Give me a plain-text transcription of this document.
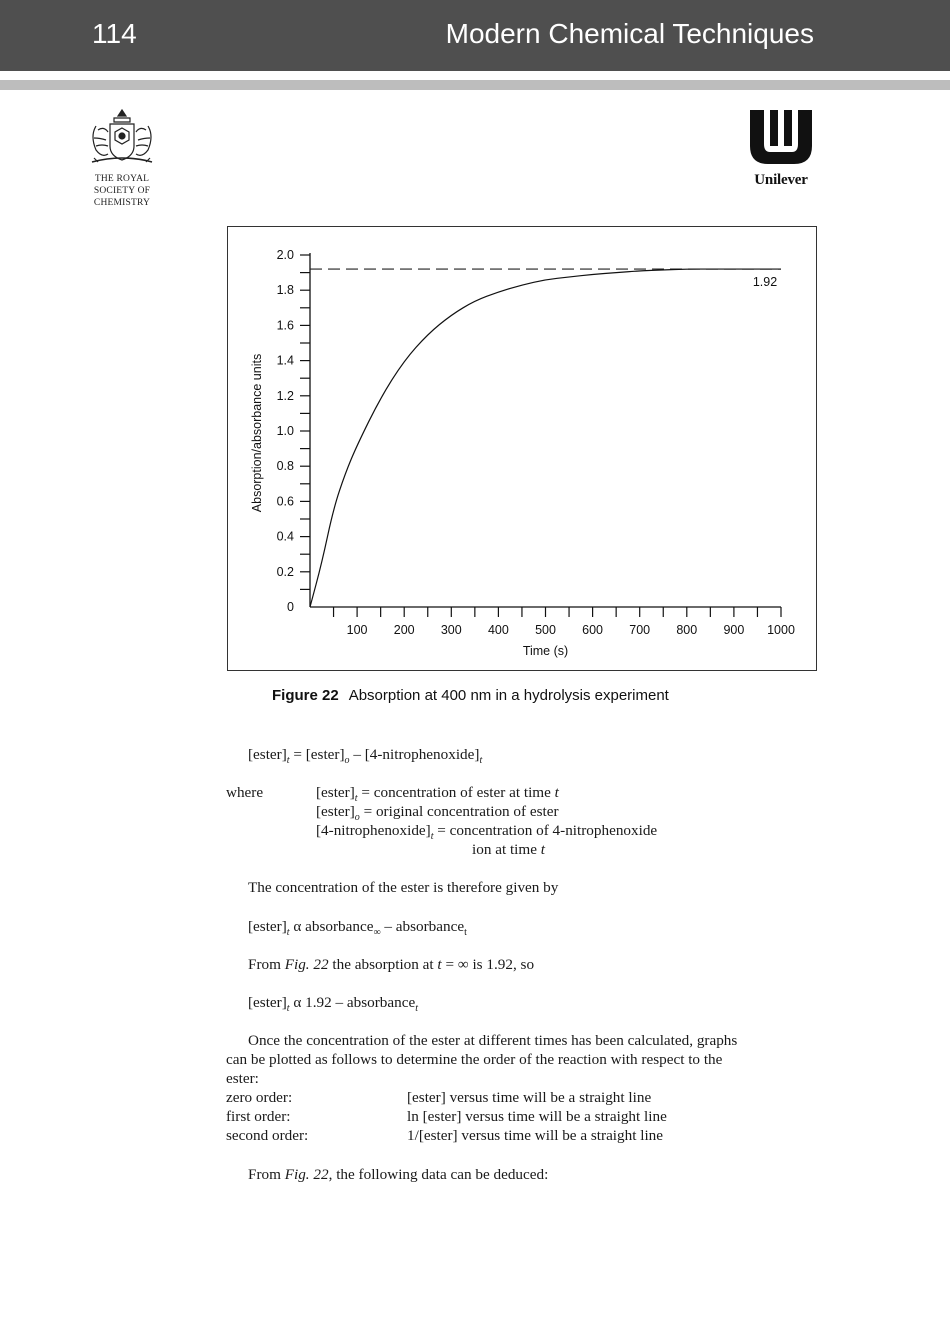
114	Modern Chemical Techniques
THE ROYAL
SOCIETY OF
CHEMISTRY
Unilever
0
0.2
0.4
0.6
0.8
1.0
1.2
1.4
1.6
1.8
2.0
100 200 300 400 500 600 700 800 900 1000
Time (s)
Absorption/absorbance units
1.92
Figure 22 Absorption at 400 nm in a hydrolysis experiment
$[ester]_t$ = $[ester]_o$ – $[4-nitrophenoxide]_t$
where	$[ester]_t$ = concentration of ester at time t
$[ester]_o$ = original concentration of ester
$[4-nitrophenoxide]_t$ = concentration of 4-nitrophenoxide
ion at time t
The concentration of the ester is therefore given by
$[ester]_t$ α absorbance$_\infty$ – absorbance$_t$
From Fig. 22 the absorption at t = ∞ is 1.92, so
$[ester]_t$ α 1.92 – absorbance$_t$
Once the concentration of the ester at different times has been calculated, graphs
can be plotted as follows to determine the order of the reaction with respect to the
ester:
zero order:	[ester] versus time will be a straight line
first order:	ln [ester] versus time will be a straight line
second order:	1/[ester] versus time will be a straight line
From Fig. 22, the following data can be deduced:
